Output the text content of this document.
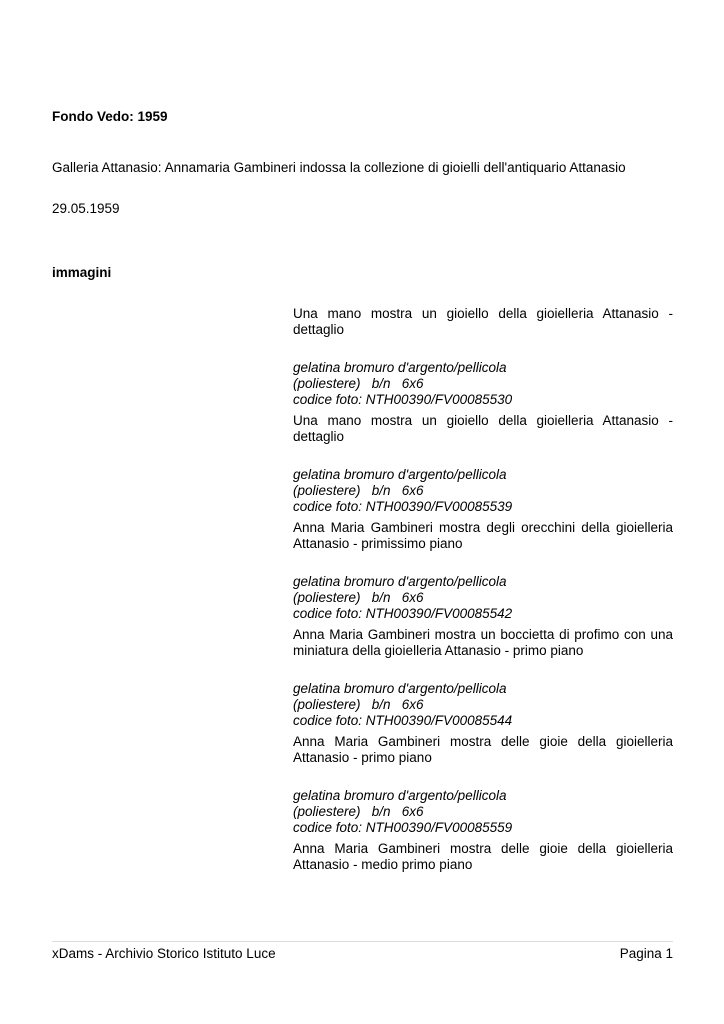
Fondo Vedo: 1959
Galleria Attanasio: Annamaria Gambineri indossa la collezione di gioielli dell'antiquario Attanasio
29.05.1959
immagini
Una mano mostra un gioiello della gioielleria Attanasio - dettaglio
gelatina bromuro d'argento/pellicola
(poliestere)   b/n   6x6
codice foto: NTH00390/FV00085530
Una mano mostra un gioiello della gioielleria Attanasio - dettaglio
gelatina bromuro d'argento/pellicola
(poliestere)   b/n   6x6
codice foto: NTH00390/FV00085539
Anna Maria Gambineri mostra degli orecchini della gioielleria Attanasio - primissimo piano
gelatina bromuro d'argento/pellicola
(poliestere)   b/n   6x6
codice foto: NTH00390/FV00085542
Anna Maria Gambineri mostra un boccietta di profimo con una miniatura della gioielleria Attanasio - primo piano
gelatina bromuro d'argento/pellicola
(poliestere)   b/n   6x6
codice foto: NTH00390/FV00085544
Anna Maria Gambineri mostra delle gioie della gioielleria Attanasio - primo piano
gelatina bromuro d'argento/pellicola
(poliestere)   b/n   6x6
codice foto: NTH00390/FV00085559
Anna Maria Gambineri mostra delle gioie della gioielleria Attanasio - medio primo piano
xDams - Archivio Storico Istituto Luce	Pagina 1
